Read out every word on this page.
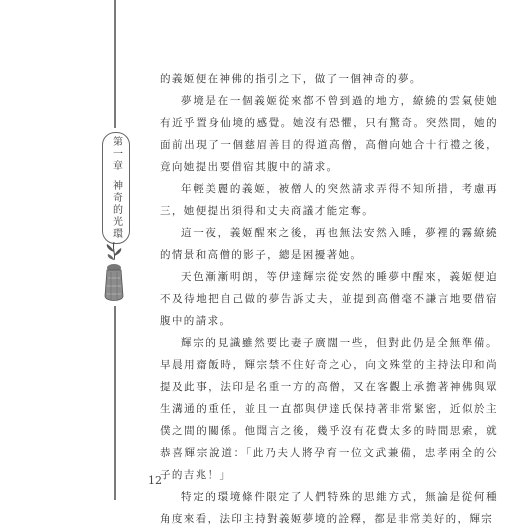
第一章
神奇的光環

的義姬便在神佛的指引之下，做了一個神奇的夢。

夢境是在一個義姬從來都不曾到過的地方，繚繞的雲氣使她有近乎置身仙境的感覺。她沒有恐懼，只有驚奇。突然間，她的面前出現了一個慈眉善目的得道高僧，高僧向她合十行禮之後，竟向她提出要借宿其腹中的請求。

年輕美麗的義姬，被僧人的突然請求弄得不知所措，考慮再三，她便提出須得和丈夫商議才能定奪。

這一夜，義姬醒來之後，再也無法安然入睡，夢裡的霧繚繞的情景和高僧的影子，總是困擾著她。

天色漸漸明朗，等伊達輝宗從安然的睡夢中醒來，義姬便迫不及待地把自己做的夢告訴丈夫，並提到高僧毫不謙言地要借宿腹中的請求。

輝宗的見識雖然要比妻子廣闊一些，但對此仍是全無準備。早晨用齋飯時，輝宗禁不住好奇之心，向文殊堂的主持法印和尚提及此事，法印是名重一方的高僧，又在客觀上承擔著神佛與眾生溝通的重任，並且一直都與伊達氏保持著非常緊密，近似於主僕之間的關係。他聞言之後，幾乎沒有花費太多的時間思索，就恭喜輝宗說道：「此乃夫人將孕育一位文武兼備，忠孝兩全的公子的吉兆！」

特定的環境條件限定了人們特殊的思維方式，無論是從何種角度來看，法印主持對義姬夢境的詮釋，都是非常美好的，輝宗

12
